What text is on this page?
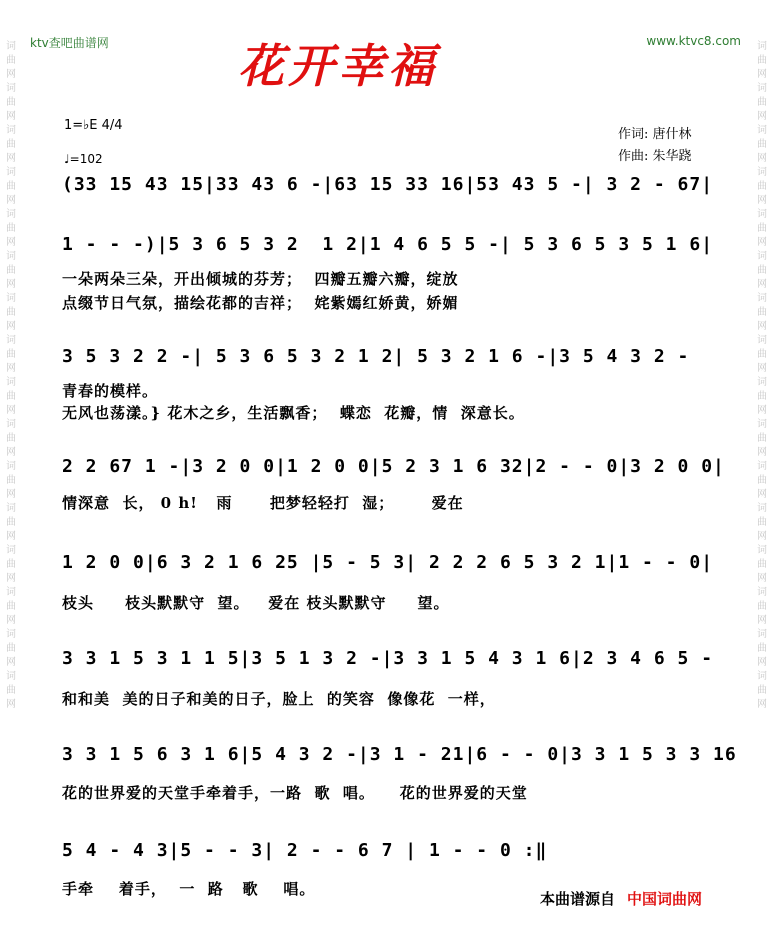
词曲网词曲网词曲网词曲网词曲网词曲网词曲网词曲网词曲网词曲网词曲网词曲网词曲网词曲网词曲网词曲网
词曲网词曲网词曲网词曲网词曲网词曲网词曲网词曲网词曲网词曲网词曲网词曲网词曲网词曲网词曲网词曲网
ktv查吧曲谱网	www.ktvc8.com
花开幸福
1=♭E 4/4
♩=102
作词: 唐什林
作曲: 朱华跷
(33 15 43 15|33 43 6 -|63 15 33 16|53 43 5 -| 3 2 - 67|
1 - - -)|5 3 6 5 3 2  1 2|1 4 6 5 5 -| 5 3 6 5 3 5 1 6|
一朵两朵三朵，开出倾城的芬芳；  四瓣五瓣六瓣，绽放
点缀节日气氛，描绘花都的吉祥；  姹紫嫣红娇黄，娇媚
3 5 3 2 2 -| 5 3 6 5 3 2 1 2| 5 3 2 1 6 -|3 5 4 3 2 -
青春的模样。
无风也荡漾。} 花木之乡，生活飘香；  蝶恋  花瓣，情  深意长。
2 2 67 1 -|3 2 0 0|1 2 0 0|5 2 3 1 6 32|2 - - 0|3 2 0 0|
情深意  长， 0 h!   雨      把梦轻轻打  湿；      爱在
1 2 0 0|6 3 2 1 6 25 |5 - 5 3| 2 2 2 6 5 3 2 1|1 - - 0|
枝头     枝头默默守  望。   爱在 枝头默默守     望。
3 3 1 5 3 1 1 5|3 5 1 3 2 -|3 3 1 5 4 3 1 6|2 3 4 6 5 -
和和美  美的日子和美的日子，脸上  的笑容  像像花  一样，
3 3 1 5 6 3 1 6|5 4 3 2 -|3 1 - 21|6 - - 0|3 3 1 5 3 3 16
花的世界爱的天堂手牵着手，一路  歌  唱。    花的世界爱的天堂
5 4 - 4 3|5 - - 3| 2 - - 6 7 | 1 - - 0 :‖
手牵    着手，  一  路   歌    唱。
本曲谱源自 中国词曲网
